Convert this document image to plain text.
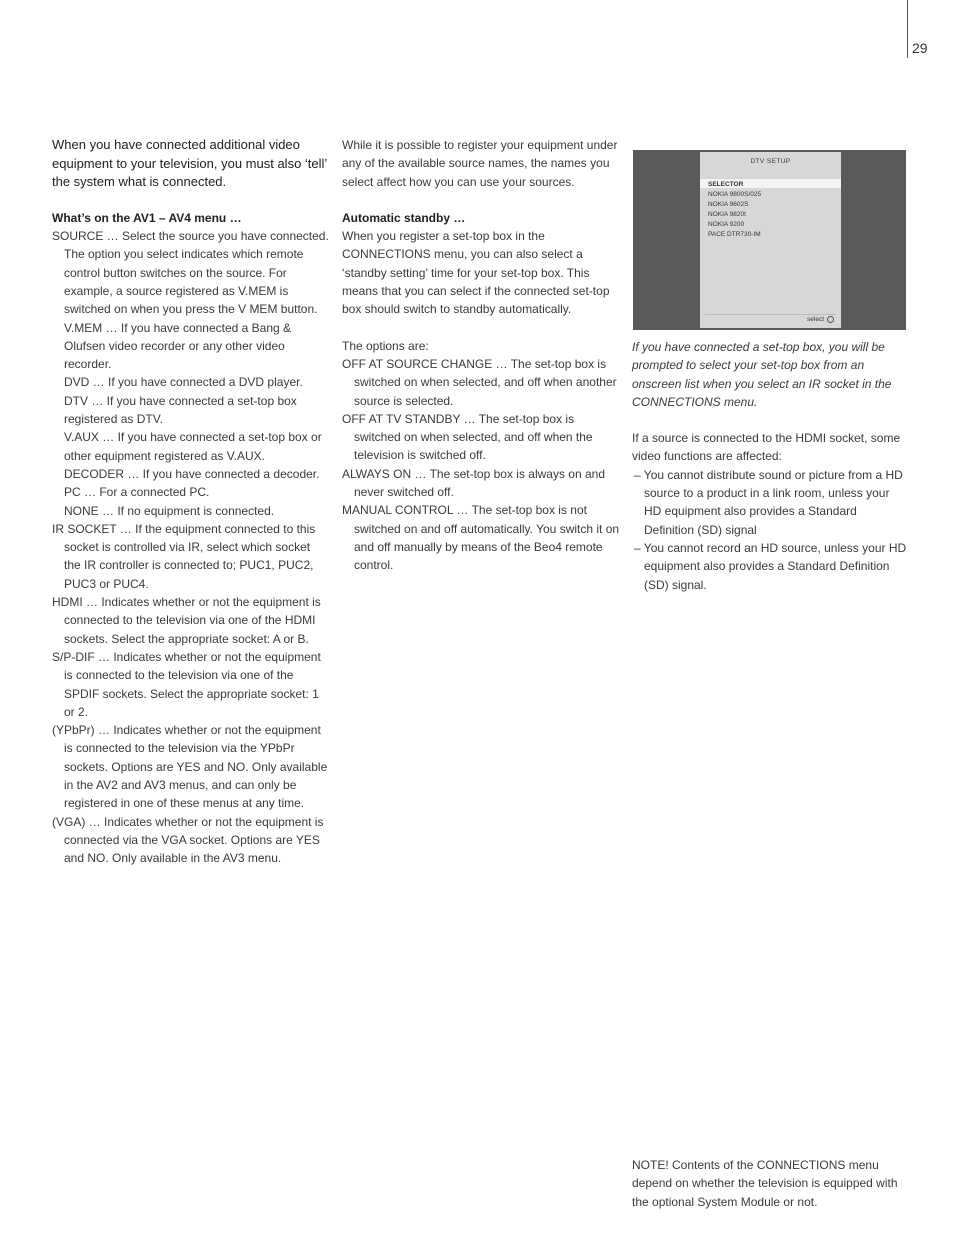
29

When you have connected additional video equipment to your television, you must also ‘tell’ the system what is connected.

What’s on the AV1 – AV4 menu …

SOURCE … Select the source you have connected.

The option you select indicates which remote control button switches on the source. For example, a source registered as V.MEM is switched on when you press the V MEM button.

V.MEM … If you have connected a Bang & Olufsen video recorder or any other video recorder.

DVD … If you have connected a DVD player.

DTV … If you have connected a set-top box registered as DTV.

V.AUX … If you have connected a set-top box or other equipment registered as V.AUX.

DECODER … If you have connected a decoder.

PC … For a connected PC.

NONE … If no equipment is connected.

IR SOCKET … If the equipment connected to this socket is controlled via IR, select which socket the IR controller is connected to; PUC1, PUC2, PUC3 or PUC4.

HDMI … Indicates whether or not the equipment is connected to the television via one of the HDMI sockets. Select the appropriate socket: A or B.

S/P-DIF … Indicates whether or not the equipment is connected to the television via one of the SPDIF sockets. Select the appropriate socket: 1 or 2.

(YPbPr) … Indicates whether or not the equipment is connected to the television via the YPbPr sockets. Options are YES and NO. Only available in the AV2 and AV3 menus, and can only be registered in one of these menus at any time.

(VGA) … Indicates whether or not the equipment is connected via the VGA socket. Options are YES and NO. Only available in the AV3 menu.

While it is possible to register your equipment under any of the available source names, the names you select affect how you can use your sources.

Automatic standby …

When you register a set-top box in the CONNECTIONS menu, you can also select a ‘standby setting’ time for your set-top box. This means that you can select if the connected set-top box should switch to standby automatically.

The options are:

OFF AT SOURCE CHANGE … The set-top box is switched on when selected, and off when another source is selected.

OFF AT TV STANDBY … The set-top box is switched on when selected, and off when the television is switched off.

ALWAYS ON … The set-top box is always on and never switched off.

MANUAL CONTROL … The set-top box is not switched on and off automatically. You switch it on and off manually by means of the Beo4 remote control.

DTV SETUP
SELECTOR
NOKIA 9800S/025
NOKIA 9602S
NOKIA 9820t
NOKIA 9200
PACE DTR730-IM
select

If you have connected a set-top box, you will be prompted to select your set-top box from an onscreen list when you select an IR socket in the CONNECTIONS menu.

If a source is connected to the HDMI socket, some video functions are affected:

– You cannot distribute sound or picture from a HD source to a product in a link room, unless your HD equipment also provides a Standard Definition (SD) signal

– You cannot record an HD source, unless your HD equipment also provides a Standard Definition (SD) signal.

NOTE! Contents of the CONNECTIONS menu depend on whether the television is equipped with the optional System Module or not.
